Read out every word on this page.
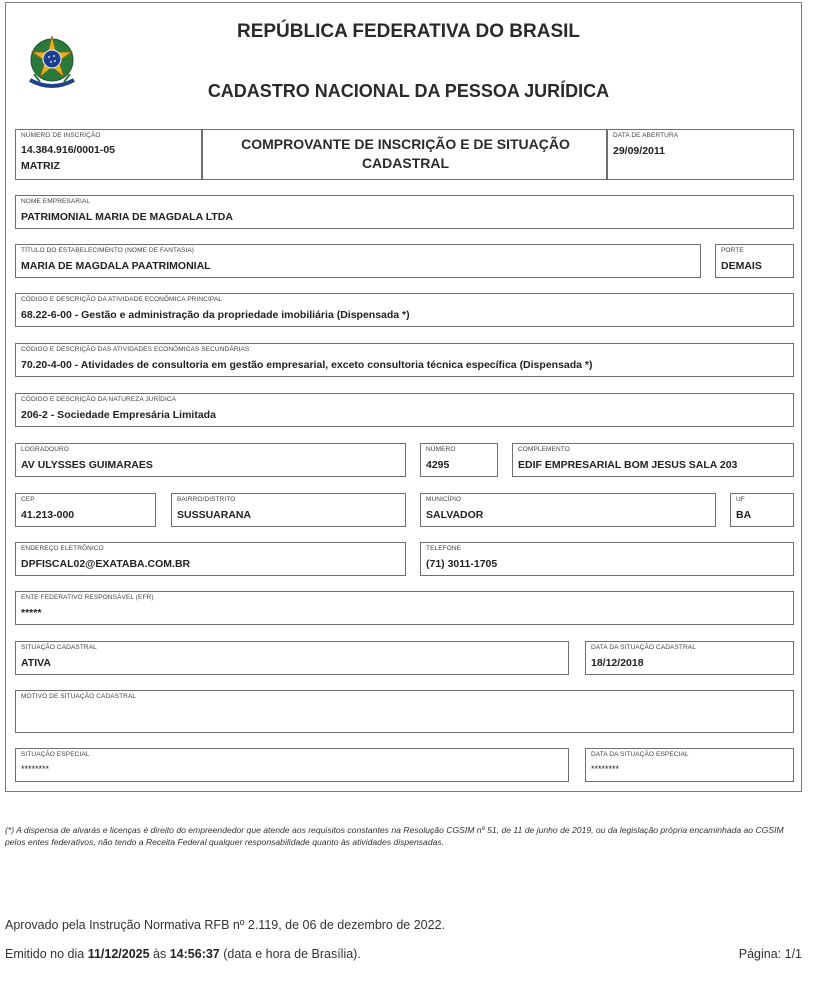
REPÚBLICA FEDERATIVA DO BRASIL
CADASTRO NACIONAL DA PESSOA JURÍDICA
NÚMERO DE INSCRIÇÃO
14.384.916/0001-05
MATRIZ
COMPROVANTE DE INSCRIÇÃO E DE SITUAÇÃO
CADASTRAL
DATA DE ABERTURA
29/09/2011
NOME EMPRESARIAL
PATRIMONIAL MARIA DE MAGDALA LTDA
TÍTULO DO ESTABELECIMENTO (NOME DE FANTASIA)
MARIA DE MAGDALA PAATRIMONIAL
PORTE
DEMAIS
CÓDIGO E DESCRIÇÃO DA ATIVIDADE ECONÔMICA PRINCIPAL
68.22-6-00 - Gestão e administração da propriedade imobiliária (Dispensada *)
CÓDIGO E DESCRIÇÃO DAS ATIVIDADES ECONÔMICAS SECUNDÁRIAS
70.20-4-00 - Atividades de consultoria em gestão empresarial, exceto consultoria técnica específica (Dispensada *)
CÓDIGO E DESCRIÇÃO DA NATUREZA JURÍDICA
206-2 - Sociedade Empresária Limitada
LOGRADOURO
AV ULYSSES GUIMARAES
NÚMERO
4295
COMPLEMENTO
EDIF EMPRESARIAL BOM JESUS SALA 203
CEP
41.213-000
BAIRRO/DISTRITO
SUSSUARANA
MUNICÍPIO
SALVADOR
UF
BA
ENDEREÇO ELETRÔNICO
DPFISCAL02@EXATABA.COM.BR
TELEFONE
(71) 3011-1705
ENTE FEDERATIVO RESPONSÁVEL (EFR)
*****
SITUAÇÃO CADASTRAL
ATIVA
DATA DA SITUAÇÃO CADASTRAL
18/12/2018
MOTIVO DE SITUAÇÃO CADASTRAL
SITUAÇÃO ESPECIAL
********
DATA DA SITUAÇÃO ESPECIAL
********
(*) A dispensa de alvarás e licenças é direito do empreendedor que atende aos requisitos constantes na Resolução CGSIM nº 51, de 11 de junho de 2019, ou da legislação própria encaminhada ao CGSIM pelos entes federativos, não tendo a Receita Federal qualquer responsabilidade quanto às atividades dispensadas.
Aprovado pela Instrução Normativa RFB nº 2.119, de 06 de dezembro de 2022.
Emitido no dia 11/12/2025 às 14:56:37 (data e hora de Brasília).	Página: 1/1
